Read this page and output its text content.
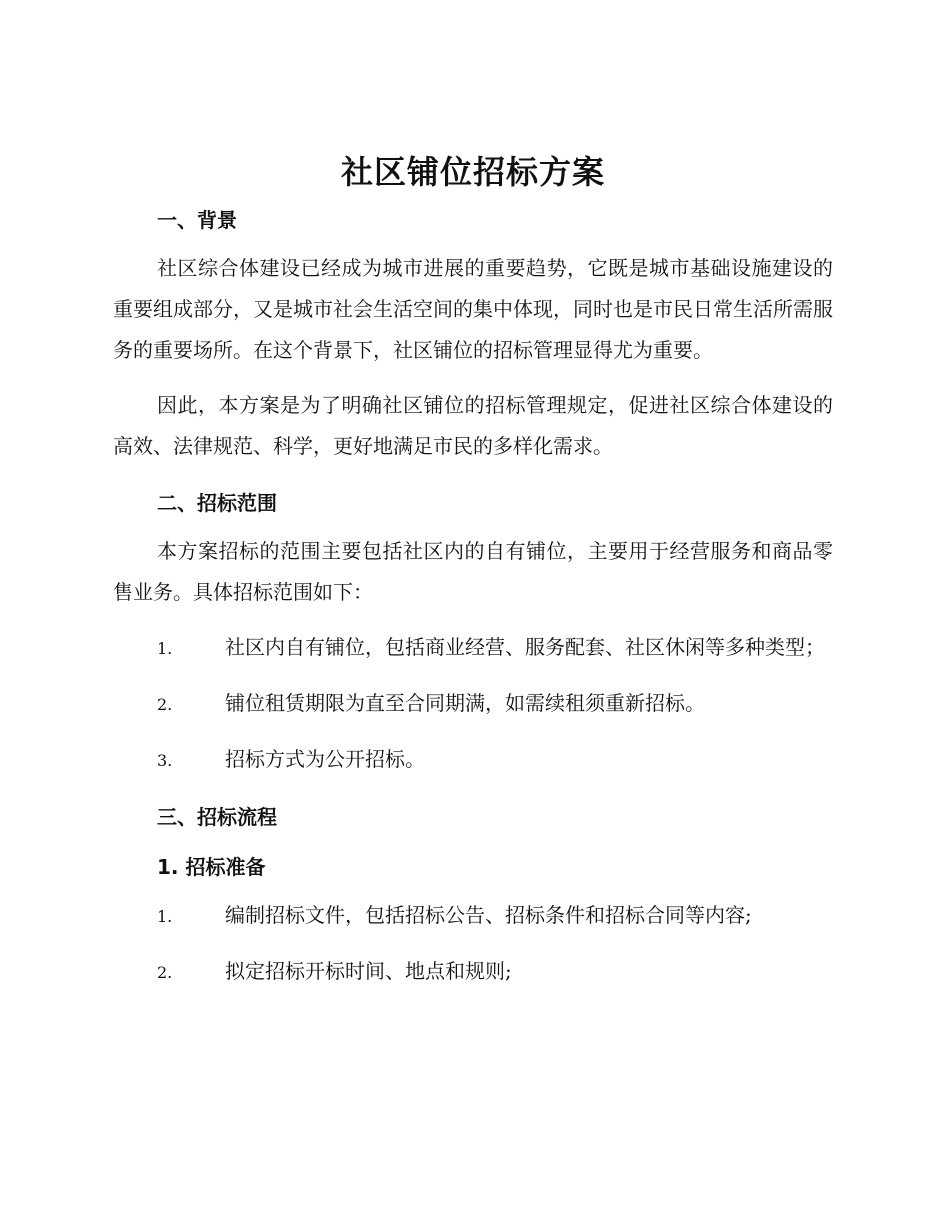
社区铺位招标方案
一、背景

社区综合体建设已经成为城市进展的重要趋势，它既是城市基础设施建设的重要组成部分，又是城市社会生活空间的集中体现，同时也是市民日常生活所需服务的重要场所。在这个背景下，社区铺位的招标管理显得尤为重要。

因此，本方案是为了明确社区铺位的招标管理规定，促进社区综合体建设的高效、法律规范、科学，更好地满足市民的多样化需求。

二、招标范围

本方案招标的范围主要包括社区内的自有铺位，主要用于经营服务和商品零售业务。具体招标范围如下：

1.	社区内自有铺位，包括商业经营、服务配套、社区休闲等多种类型；

2.	铺位租赁期限为直至合同期满，如需续租须重新招标。

3.	招标方式为公开招标。

三、招标流程
1. 招标准备

1.	编制招标文件，包括招标公告、招标条件和招标合同等内容;

2.	拟定招标开标时间、地点和规则;
